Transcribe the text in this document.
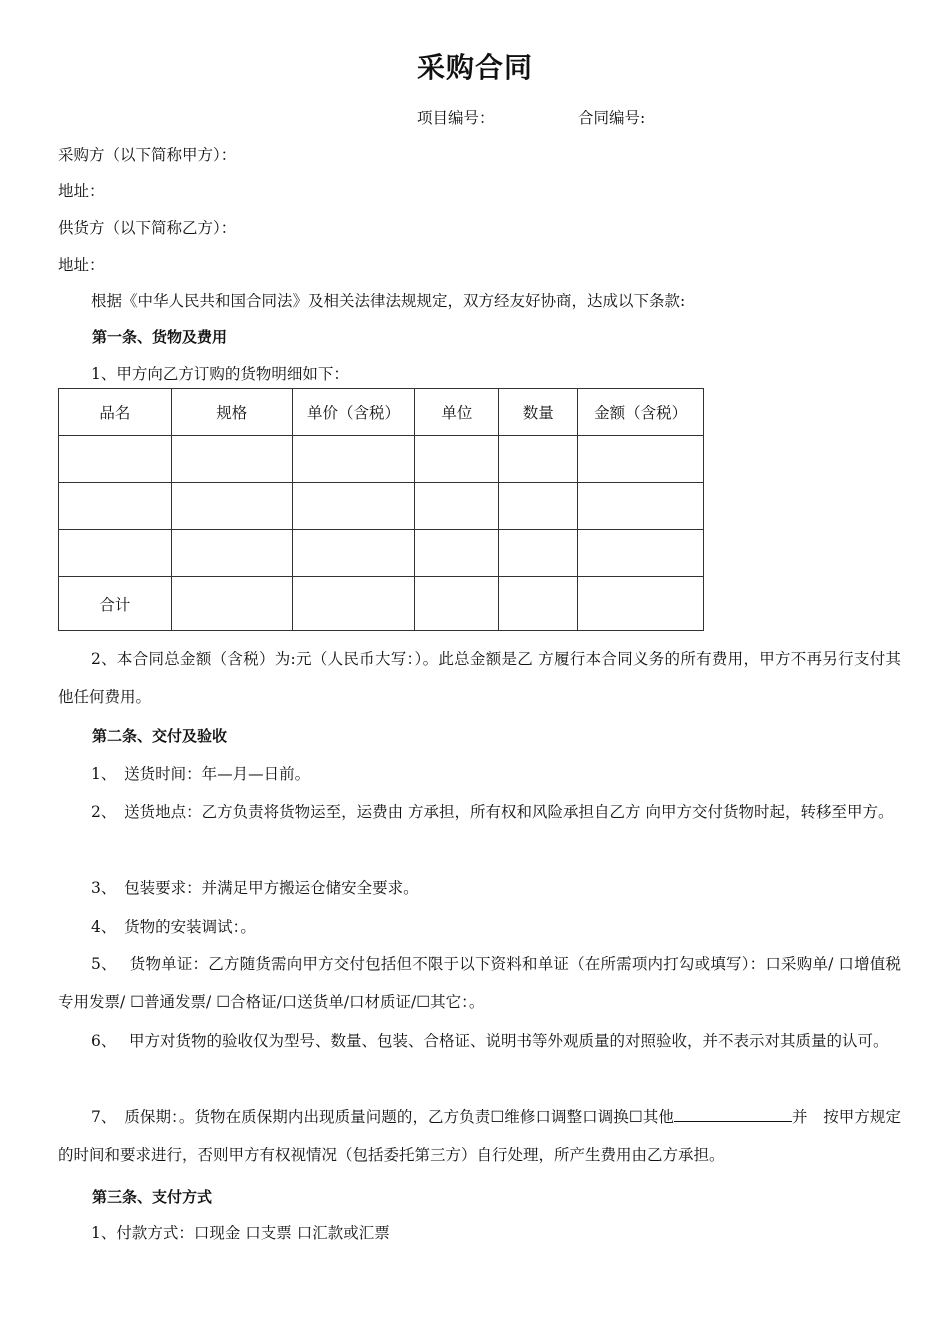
采购合同
项目编号：	合同编号:
采购方（以下简称甲方）：
地址：
供货方（以下简称乙方）：
地址：
根据《中华人民共和国合同法》及相关法律法规规定，双方经友好协商，达成以下条款:
第一条、货物及费用
1、甲方向乙方订购的货物明细如下：
品名	规格	单价（含税）	单位	数量	金额（含税）

合计					
2、本合同总金额（含税）为:元（人民币大写：）。此总金额是乙 方履行本合同义务的所有费用，甲方不再另行支付其他任何费用。
第二条、交付及验收
1、　送货时间：年—月—日前。
2、　送货地点：乙方负责将货物运至，运费由 方承担，所有权和风险承担自乙方 向甲方交付货物时起，转移至甲方。
3、　包装要求：并满足甲方搬运仓储安全要求。
4、　货物的安装调试：。
5、　 货物单证：乙方随货需向甲方交付包括但不限于以下资料和单证（在所需项内打勾或填写）：口采购单/ 口增值税专用发票/ ☐普通发票/ ☐合格证/口送货单/口材质证/☐其它：。
6、　 甲方对货物的验收仅为型号、数量、包装、合格证、说明书等外观质量的对照验收，并不表示对其质量的认可。
7、　质保期：。货物在质保期内出现质量问题的，乙方负责☐维修口调整口调换☐其他	并　按甲方规定的时间和要求进行，否则甲方有权视情况（包括委托第三方）自行处理，所产生费用由乙方承担。
第三条、支付方式
1、付款方式：口现金 口支票 口汇款或汇票
